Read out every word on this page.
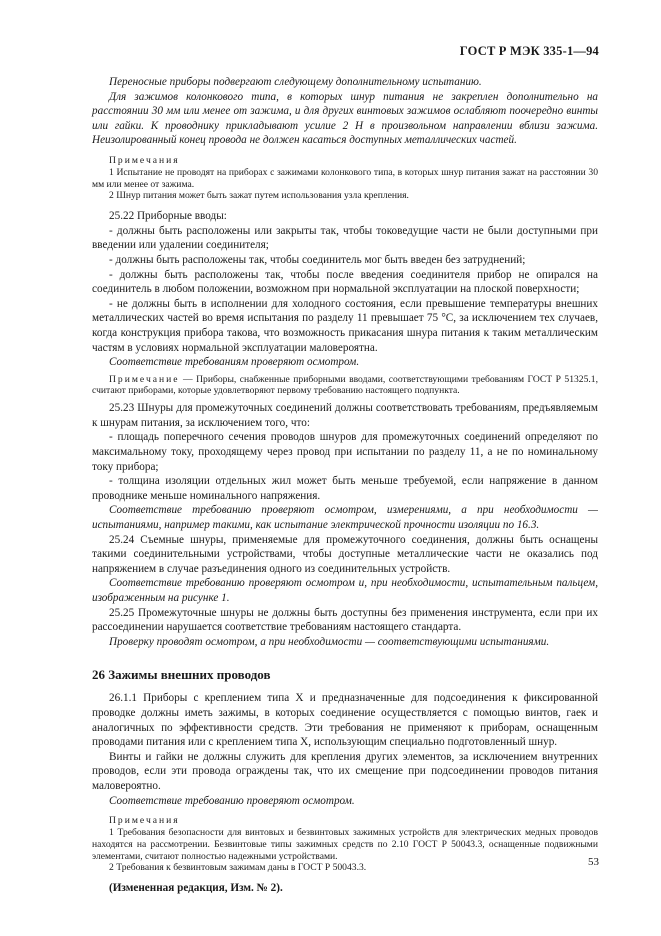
ГОСТ Р МЭК 335-1—94

Переносные приборы подвергают следующему дополнительному испытанию.

Для зажимов колонкового типа, в которых шнур питания не закреплен дополнительно на расстоянии 30 мм или менее от зажима, и для других винтовых зажимов ослабляют поочередно винты или гайки. К проводнику прикладывают усилие 2 Н в произвольном направлении вблизи зажима. Неизолированный конец провода не должен касаться доступных металлических частей.

Примечания

1 Испытание не проводят на приборах с зажимами колонкового типа, в которых шнур питания зажат на расстоянии 30 мм или менее от зажима.

2 Шнур питания может быть зажат путем использования узла крепления.

25.22 Приборные вводы:

- должны быть расположены или закрыты так, чтобы токоведущие части не были доступными при введении или удалении соединителя;

- должны быть расположены так, чтобы соединитель мог быть введен без затруднений;

- должны быть расположены так, чтобы после введения соединителя прибор не опирался на соединитель в любом положении, возможном при нормальной эксплуатации на плоской поверхности;

- не должны быть в исполнении для холодного состояния, если превышение температуры внешних металлических частей во время испытания по разделу 11 превышает 75 °С, за исключением тех случаев, когда конструкция прибора такова, что возможность прикасания шнура питания к таким металлическим частям в условиях нормальной эксплуатации маловероятна.

Соответствие требованиям проверяют осмотром.

Примечание — Приборы, снабженные приборными вводами, соответствующими требованиям ГОСТ Р 51325.1, считают приборами, которые удовлетворяют первому требованию настоящего подпункта.

25.23 Шнуры для промежуточных соединений должны соответствовать требованиям, предъявляемым к шнурам питания, за исключением того, что:

- площадь поперечного сечения проводов шнуров для промежуточных соединений определяют по максимальному току, проходящему через провод при испытании по разделу 11, а не по номинальному току прибора;

- толщина изоляции отдельных жил может быть меньше требуемой, если напряжение в данном проводнике меньше номинального напряжения.

Соответствие требованию проверяют осмотром, измерениями, а при необходимости — испытаниями, например такими, как испытание электрической прочности изоляции по 16.3.

25.24 Съемные шнуры, применяемые для промежуточного соединения, должны быть оснащены такими соединительными устройствами, чтобы доступные металлические части не оказались под напряжением в случае разъединения одного из соединительных устройств.

Соответствие требованию проверяют осмотром и, при необходимости, испытательным пальцем, изображенным на рисунке 1.

25.25 Промежуточные шнуры не должны быть доступны без применения инструмента, если при их рассоединении нарушается соответствие требованиям настоящего стандарта.

Проверку проводят осмотром, а при необходимости — соответствующими испытаниями.

26 Зажимы внешних проводов

26.1.1 Приборы с креплением типа X и предназначенные для подсоединения к фиксированной проводке должны иметь зажимы, в которых соединение осуществляется с помощью винтов, гаек и аналогичных по эффективности средств. Эти требования не применяют к приборам, оснащенным проводами питания или с креплением типа X, использующим специально подготовленный шнур.

Винты и гайки не должны служить для крепления других элементов, за исключением внутренних проводов, если эти провода ограждены так, что их смещение при подсоединении проводов питания маловероятно.

Соответствие требованию проверяют осмотром.

Примечания

1 Требования безопасности для винтовых и безвинтовых зажимных устройств для электрических медных проводов находятся на рассмотрении. Безвинтовые типы зажимных средств по 2.10 ГОСТ Р 50043.3, оснащенные подвижными элементами, считают полностью надежными устройствами.

2 Требования к безвинтовым зажимам даны в ГОСТ Р 50043.3.

(Измененная редакция, Изм. № 2).

53
